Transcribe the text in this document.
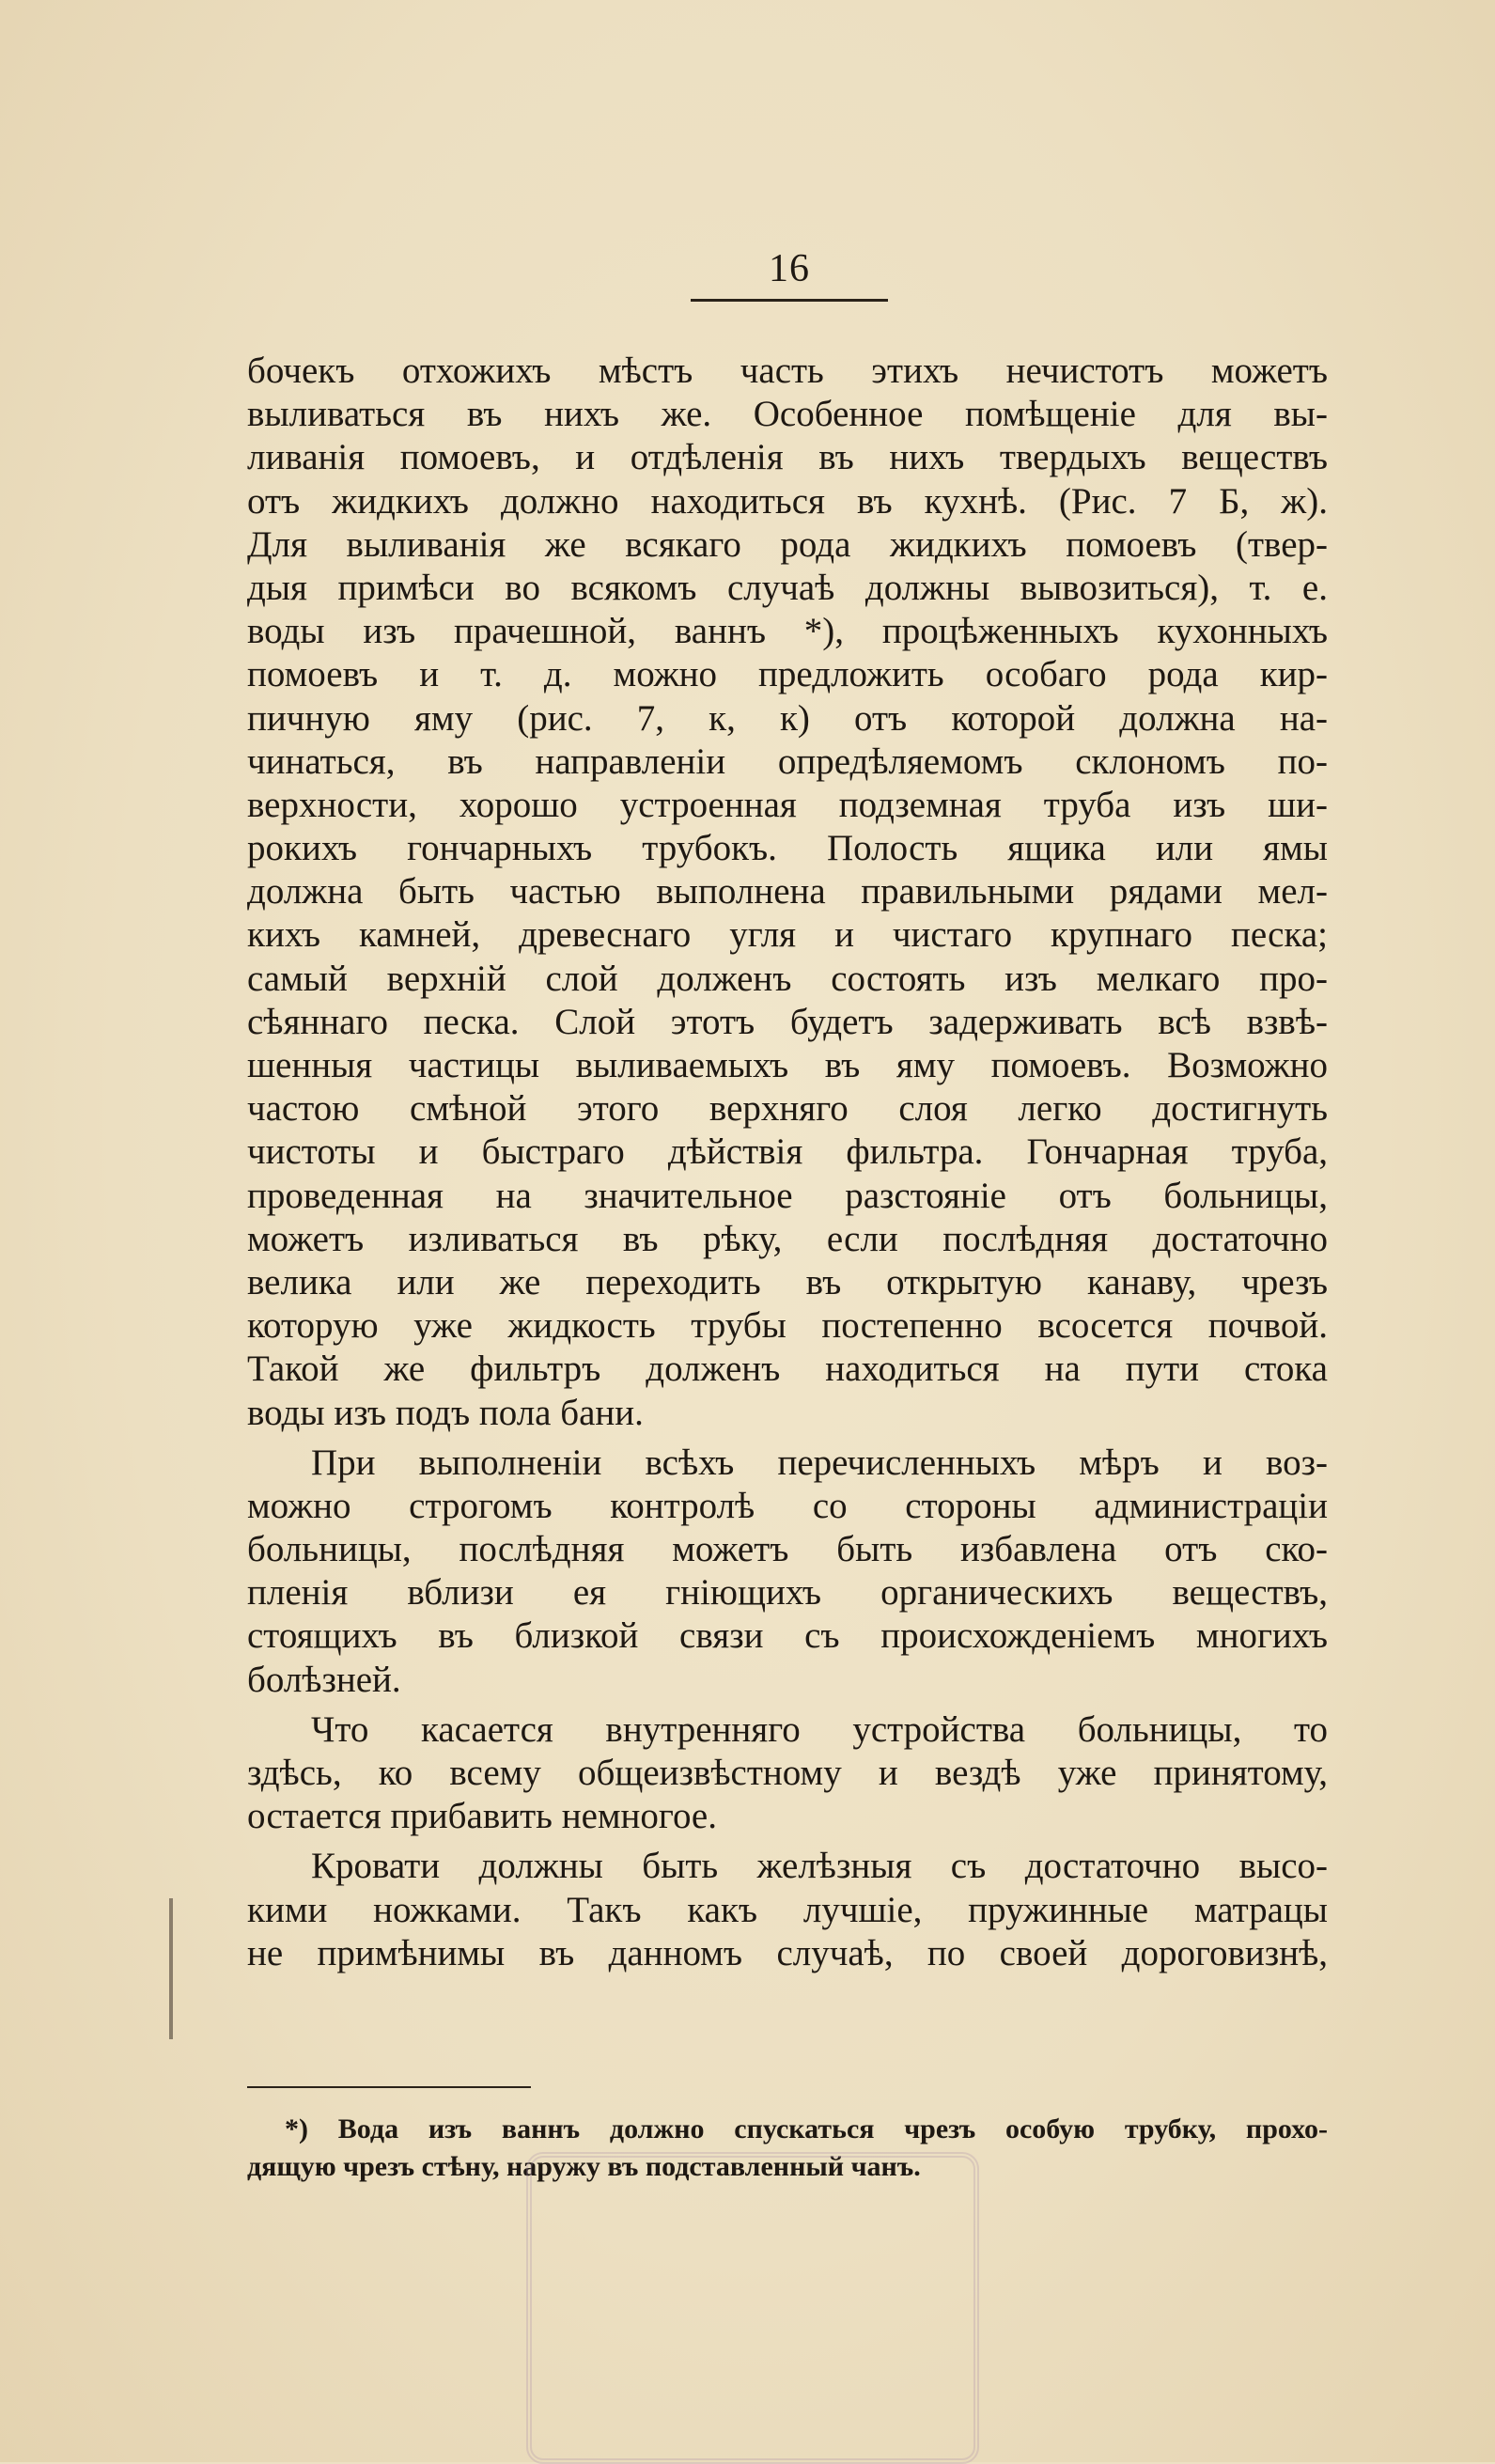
16
бочекъ отхожихъ мѣстъ часть этихъ нечистотъ можетъ
выливаться въ нихъ же. Особенное помѣщеніе для вы-
ливанія помоевъ, и отдѣленія въ нихъ твердыхъ веществъ
отъ жидкихъ должно находиться въ кухнѣ. (Рис. 7 Б, ж).
Для выливанія же всякаго рода жидкихъ помоевъ (твер-
дыя примѣси во всякомъ случаѣ должны вывозиться), т. е.
воды изъ прачешной, ваннъ *), процѣженныхъ кухонныхъ
помоевъ и т. д. можно предложить особаго рода кир-
пичную яму (рис. 7, к, к) отъ которой должна на-
чинаться, въ направленіи опредѣляемомъ склономъ по-
верхности, хорошо устроенная подземная труба изъ ши-
рокихъ гончарныхъ трубокъ. Полость ящика или ямы
должна быть частью выполнена правильными рядами мел-
кихъ камней, древеснаго угля и чистаго крупнаго песка;
самый верхній слой долженъ состоять изъ мелкаго про-
сѣяннаго песка. Слой этотъ будетъ задерживать всѣ взвѣ-
шенныя частицы выливаемыхъ въ яму помоевъ. Возможно
частою смѣной этого верхняго слоя легко достигнуть
чистоты и быстраго дѣйствія фильтра. Гончарная труба,
проведенная на значительное разстояніе отъ больницы,
можетъ изливаться въ рѣку, если послѣдняя достаточно
велика или же переходить въ открытую канаву, чрезъ
которую уже жидкость трубы постепенно всосется почвой.
Такой же фильтръ долженъ находиться на пути стока
воды изъ подъ пола бани.
При выполненіи всѣхъ перечисленныхъ мѣръ и воз-
можно строгомъ контролѣ со стороны администраціи
больницы, послѣдняя можетъ быть избавлена отъ ско-
пленія вблизи ея гніющихъ органическихъ веществъ,
стоящихъ въ близкой связи съ происхожденіемъ многихъ
болѣзней.
Что касается внутренняго устройства больницы, то
здѣсь, ко всему общеизвѣстному и вездѣ уже принятому,
остается прибавить немногое.
Кровати должны быть желѣзныя съ достаточно высо-
кими ножками. Такъ какъ лучшіе, пружинные матрацы
не примѣнимы въ данномъ случаѣ, по своей дороговизнѣ,
*) Вода изъ ваннъ должно спускаться чрезъ особую трубку, прохо-
дящую чрезъ стѣну, наружу въ подставленный чанъ.
